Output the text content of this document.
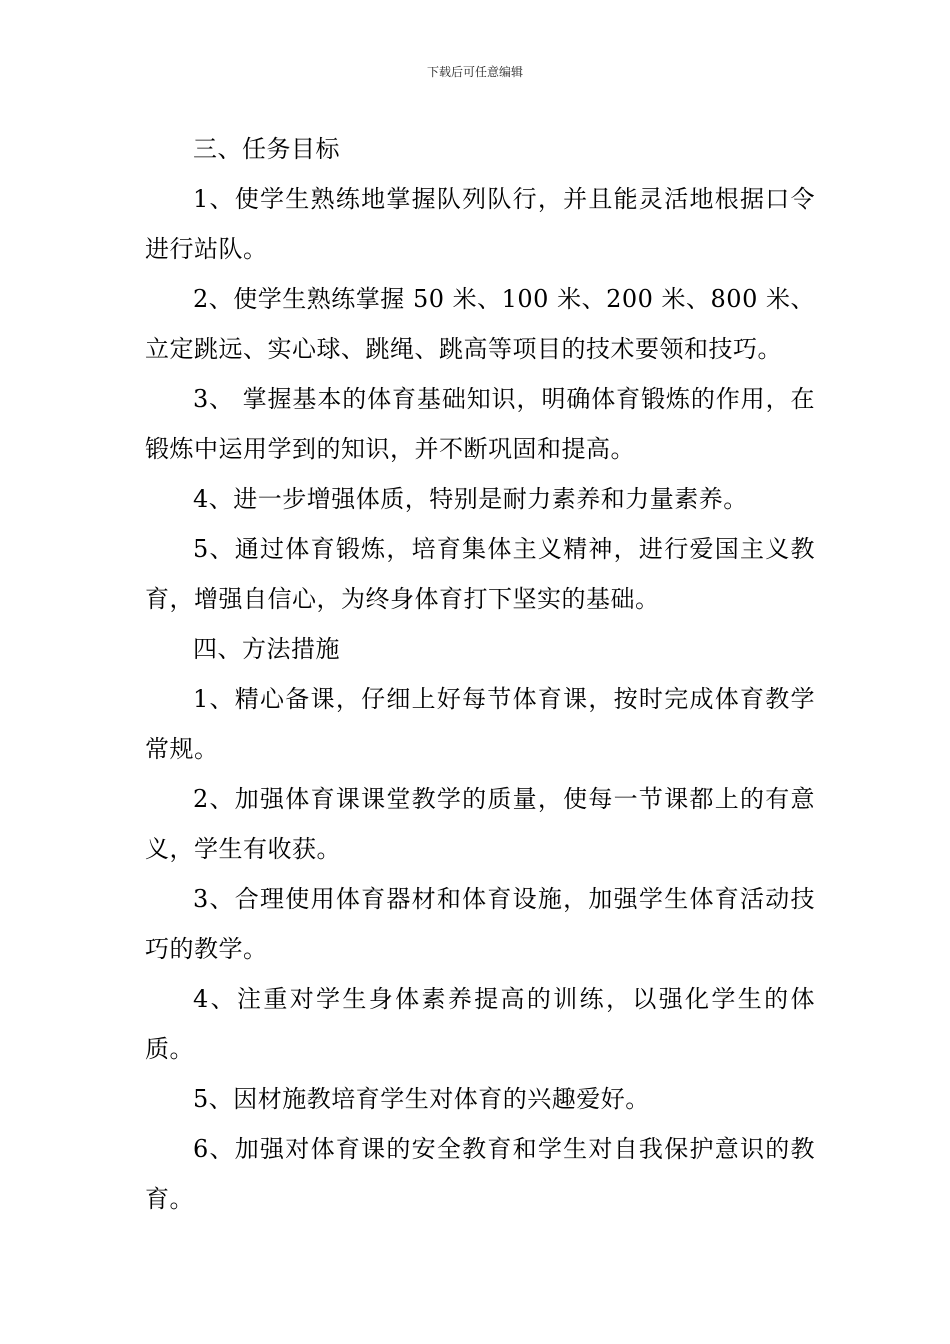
下载后可任意编辑

三、任务目标

1、使学生熟练地掌握队列队行，并且能灵活地根据口令进行站队。

2、使学生熟练掌握 50 米、100 米、200 米、800 米、立定跳远、实心球、跳绳、跳高等项目的技术要领和技巧。

3、 掌握基本的体育基础知识，明确体育锻炼的作用，在锻炼中运用学到的知识，并不断巩固和提高。

4、进一步增强体质，特别是耐力素养和力量素养。

5、通过体育锻炼，培育集体主义精神，进行爱国主义教育，增强自信心，为终身体育打下坚实的基础。

四、方法措施

1、精心备课，仔细上好每节体育课，按时完成体育教学常规。

2、加强体育课课堂教学的质量，使每一节课都上的有意义，学生有收获。

3、合理使用体育器材和体育设施，加强学生体育活动技巧的教学。

4、注重对学生身体素养提高的训练，以强化学生的体质。

5、因材施教培育学生对体育的兴趣爱好。

6、加强对体育课的安全教育和学生对自我保护意识的教育。
